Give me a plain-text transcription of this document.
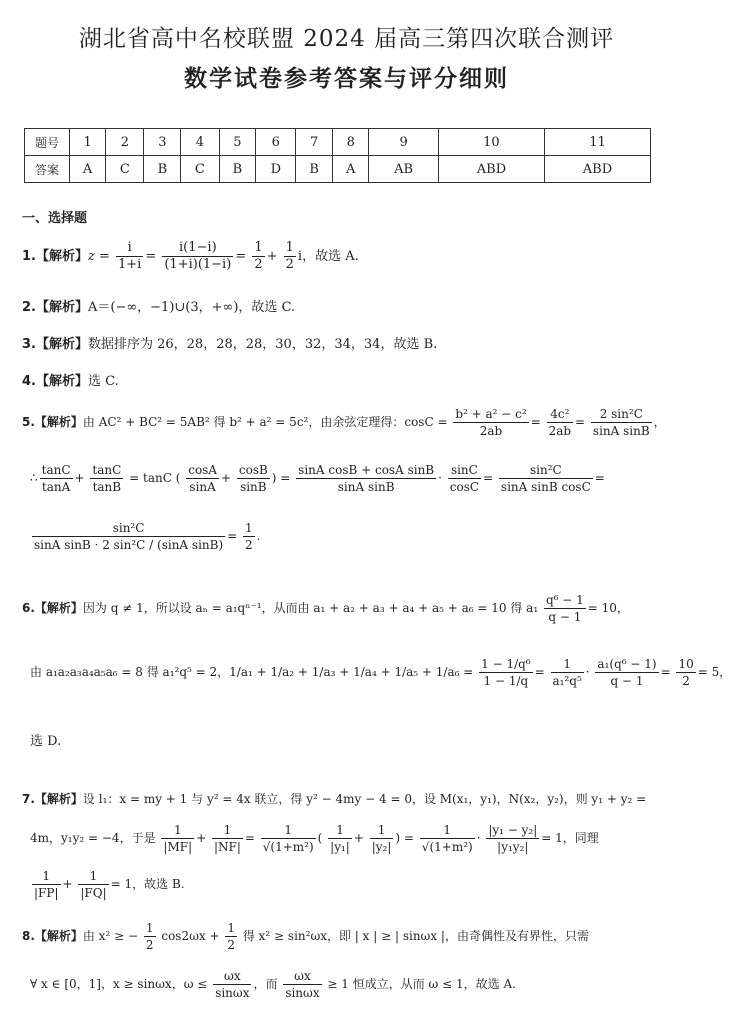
湖北省高中名校联盟 2024 届高三第四次联合测评
数学试卷参考答案与评分细则
题号	1	2	3	4	5	6	7	8	9	10	11
答案	A	C	B	C	B	D	B	A	AB	ABD	ABD
一、选择题
1.【解析】$z = \frac{i}{1+i} = \frac{i(1-i)}{(1+i)(1-i)} = \frac{1}{2} + \frac{1}{2}$ i，故选 A.
2.【解析】A＝(−∞，−1)∪(3，+∞)，故选 C.
3.【解析】数据排序为 26，28，28，28，30，32，34，34，故选 B.
4.【解析】选 C.
5.【解析】由 AC² + BC² = 5AB² 得 b² + a² = 5c²，由余弦定理得：$\cos C = \frac{\text{b² + a² − c²}}{2ab} = \frac{\text{4c²}}{2ab} = \frac{\text{2 sin²C}}{\text{sinA sinB}}$ ，
∴ $\frac{\tan C}{\tan A} + \frac{\tan C}{\tan B} = \tan C$ ( $\frac{\cos A}{\sin A} + \frac{\cos B}{\sin B}$ ) = $\frac{\text{sinA cosB + cosA sinB}}{\text{sinA sinB}} \cdot \frac{\sin C}{\cos C} = \frac{\text{sin²C}}{\text{sinA sinB cosC}}$ =
$\frac{\text{sin²C}}{\text{sinA sinB · 2 sin²C / (sinA sinB)}} = \frac{1}{2}$ .
6.【解析】因为 q ≠ 1，所以设 aₙ = a₁qⁿ⁻¹，从而由 a₁ + a₂ + a₃ + a₄ + a₅ + a₆ = 10 得 $a_1 \frac{\text{q⁶ − 1}}{q - 1} = 10$，
由 a₁a₂a₃a₄a₅a₆ = 8 得 a₁²q⁵ = 2，$1/a_1 + 1/a_2 + 1/a_3 + 1/a_4 + 1/a_5 + 1/a_6 = \frac{\text{1 − 1/q⁶}}{1 - 1/q} = \frac{1}{\text{a₁²q⁵}} \cdot \frac{\text{a₁(q⁶ − 1)}}{q - 1} = \frac{10}{2} = 5$，
选 D.
7.【解析】设 l₁：x = my + 1 与 y² = 4x 联立，得 y² − 4my − 4 = 0，设 M(x₁，y₁)，N(x₂，y₂)，则 y₁ + y₂ =
4m，y₁y₂ = −4，于是 $\frac{1}{|MF|} + \frac{1}{|NF|} = \frac{1}{\text{√(1+m²)}}$ ( $\frac{1}{\text{|y₁|}} + \frac{1}{\text{|y₂|}}$ ) = $\frac{1}{\text{√(1+m²)}} \cdot \frac{\text{|y₁ − y₂|}}{\text{|y₁y₂|}} = 1$，同理
$\frac{1}{|FP|} + \frac{1}{|FQ|} = 1$，故选 B.
8.【解析】由 x² ≥ − $\frac{1}{2} \cos 2\omega x + \frac{1}{2}$ 得 x² ≥ sin²ωx，即 | x | ≥ | sinωx |，由奇偶性及有界性，只需
∀ x ∈ [0，1]，x ≥ sinωx，$\omega \le \frac{\omega x}{\sin\omega x}$ ，而 $\frac{\omega x}{\sin\omega x} \ge 1$ 恒成立，从而 ω ≤ 1，故选 A.
